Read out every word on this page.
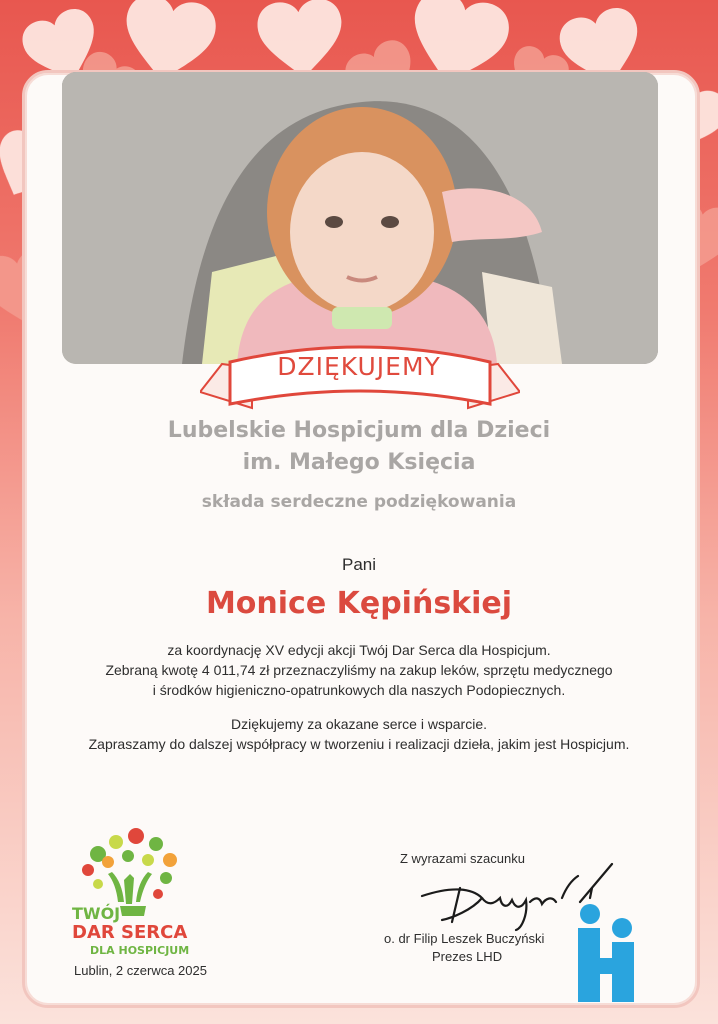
DZIĘKUJEMY
Lubelskie Hospicjum dla Dzieci
im. Małego Księcia
składa serdeczne podziękowania
Pani
Monice Kępińskiej
za koordynację XV edycji akcji Twój Dar Serca dla Hospicjum.
Zebraną kwotę 4 011,74 zł przeznaczyliśmy na zakup leków, sprzętu medycznego
i środków higieniczno-opatrunkowych dla naszych Podopiecznych.
Dziękujemy za okazane serce i wsparcie.
Zapraszamy do dalszej współpracy w tworzeniu i realizacji dzieła, jakim jest Hospicjum.
TWÓJ
DAR SERCA
DLA HOSPICJUM
Lublin, 2 czerwca 2025
Z wyrazami szacunku
o. dr Filip Leszek Buczyński
Prezes LHD
